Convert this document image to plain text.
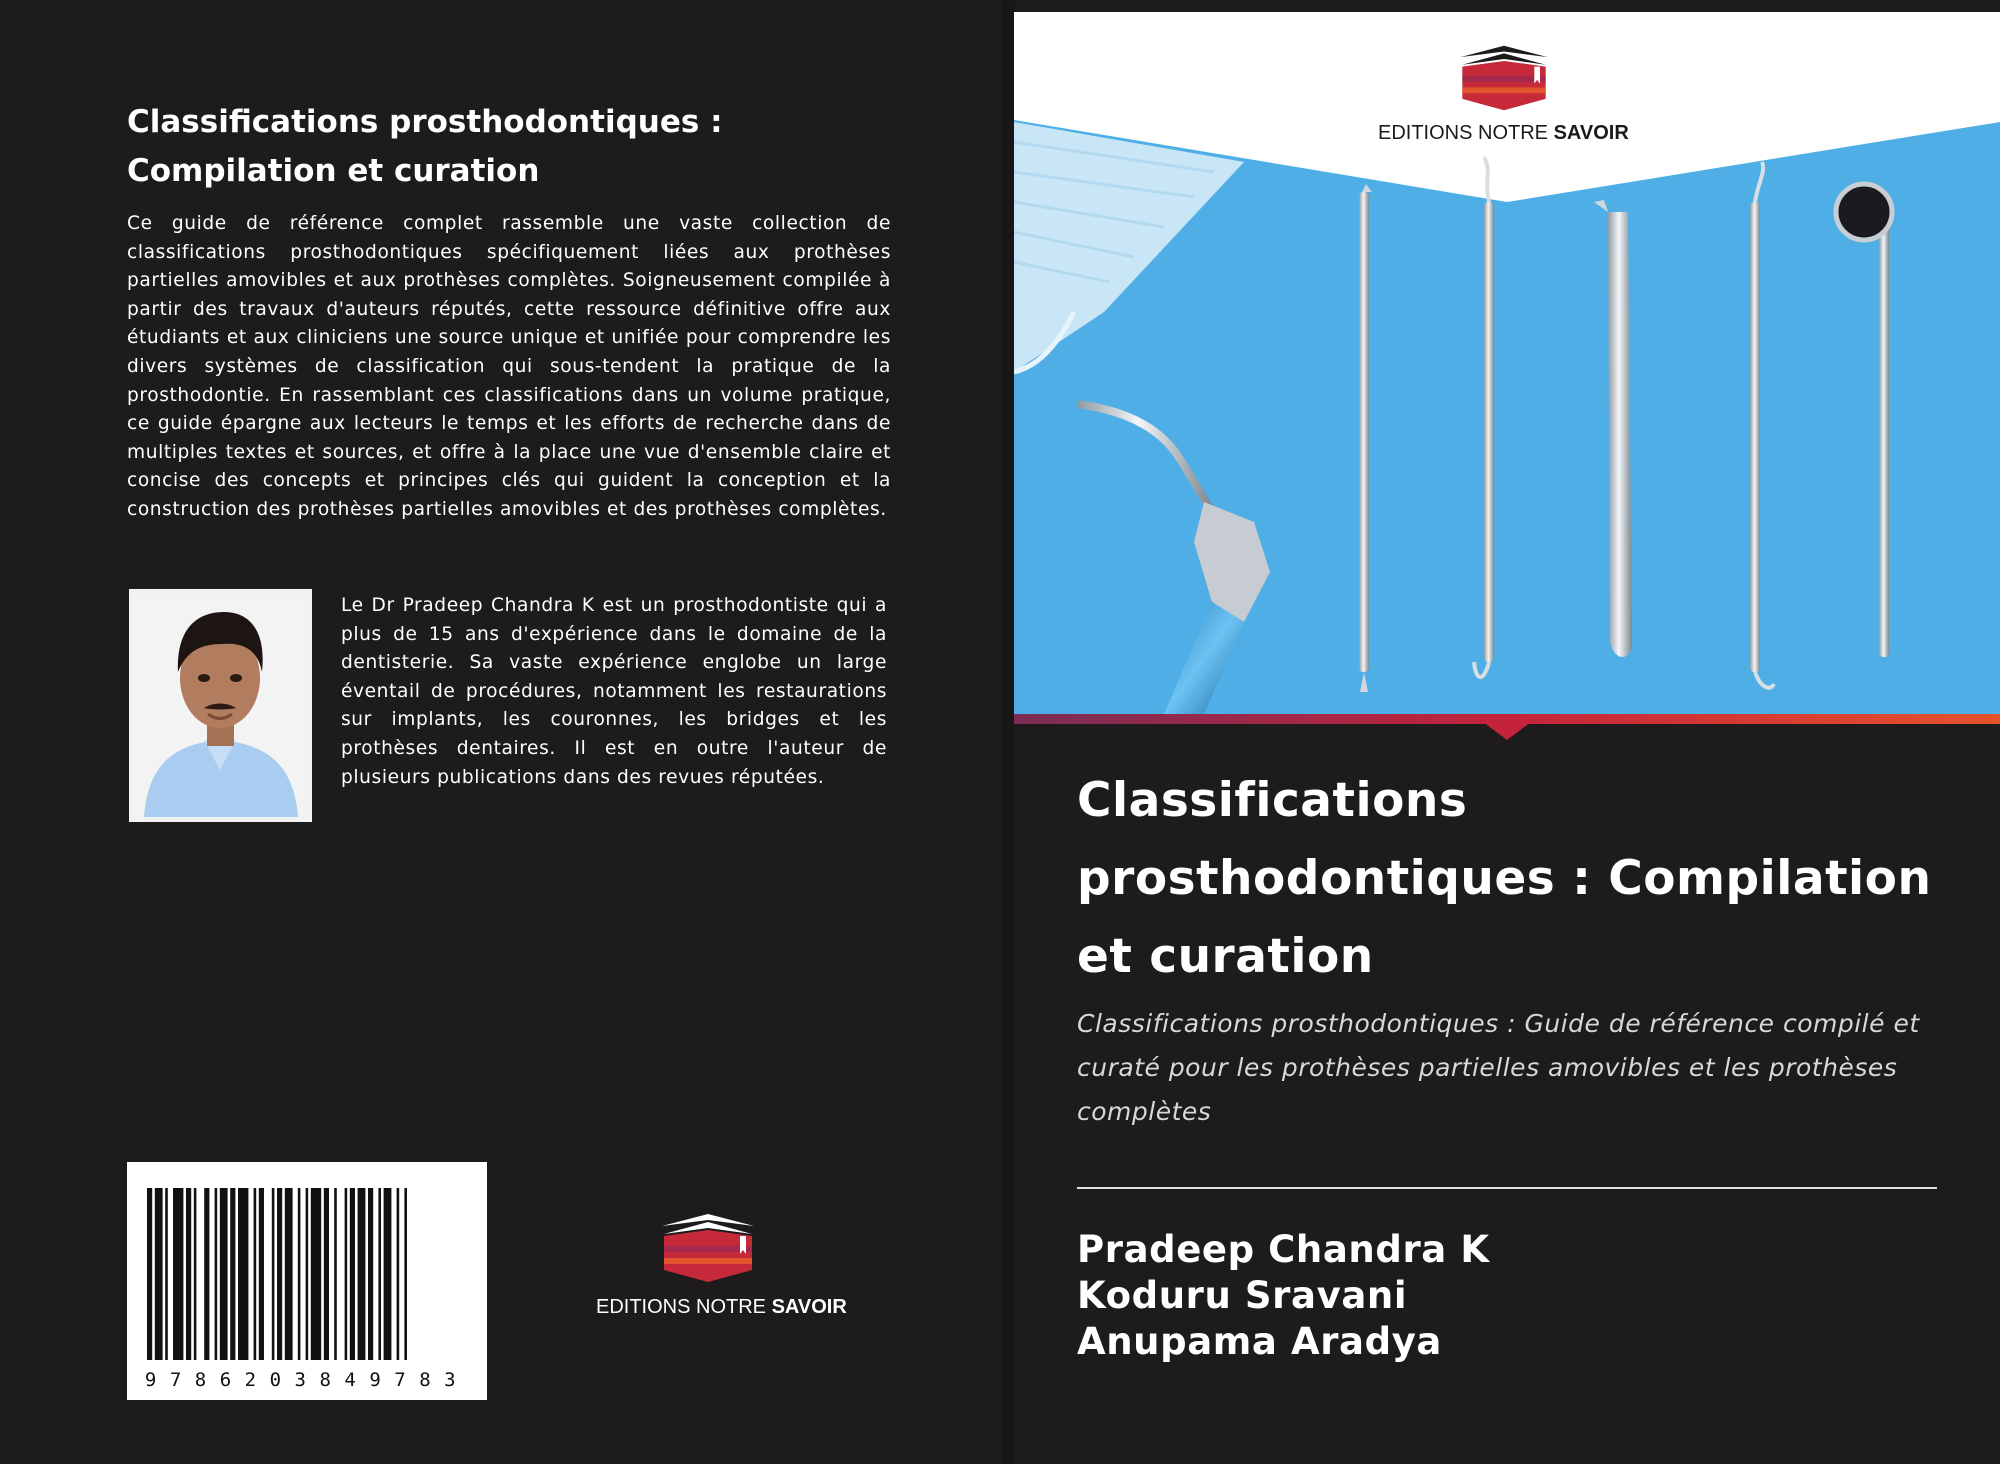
Classifications prosthodontiques : Compilation et curation

Ce guide de référence complet rassemble une vaste collection de classifications prosthodontiques spécifiquement liées aux prothèses partielles amovibles et aux prothèses complètes. Soigneusement compilée à partir des travaux d'auteurs réputés, cette ressource définitive offre aux étudiants et aux cliniciens une source unique et unifiée pour comprendre les divers systèmes de classification qui sous-tendent la pratique de la prosthodontie. En rassemblant ces classifications dans un volume pratique, ce guide épargne aux lecteurs le temps et les efforts de recherche dans de multiples textes et sources, et offre à la place une vue d'ensemble claire et concise des concepts et principes clés qui guident la conception et la construction des prothèses partielles amovibles et des prothèses complètes.

Le Dr Pradeep Chandra K est un prosthodontiste qui a plus de 15 ans d'expérience dans le domaine de la dentisterie. Sa vaste expérience englobe un large éventail de procédures, notamment les restaurations sur implants, les couronnes, les bridges et les prothèses dentaires. Il est en outre l'auteur de plusieurs publications dans des revues réputées.

9786203849783
EDITIONS NOTRE SAVOIR
EDITIONS NOTRE SAVOIR
Classifications prosthodontiques : Compilation et curation

Classifications prosthodontiques : Guide de référence compilé et curaté pour les prothèses partielles amovibles et les prothèses complètes

Pradeep Chandra K
Koduru Sravani
Anupama Aradya
